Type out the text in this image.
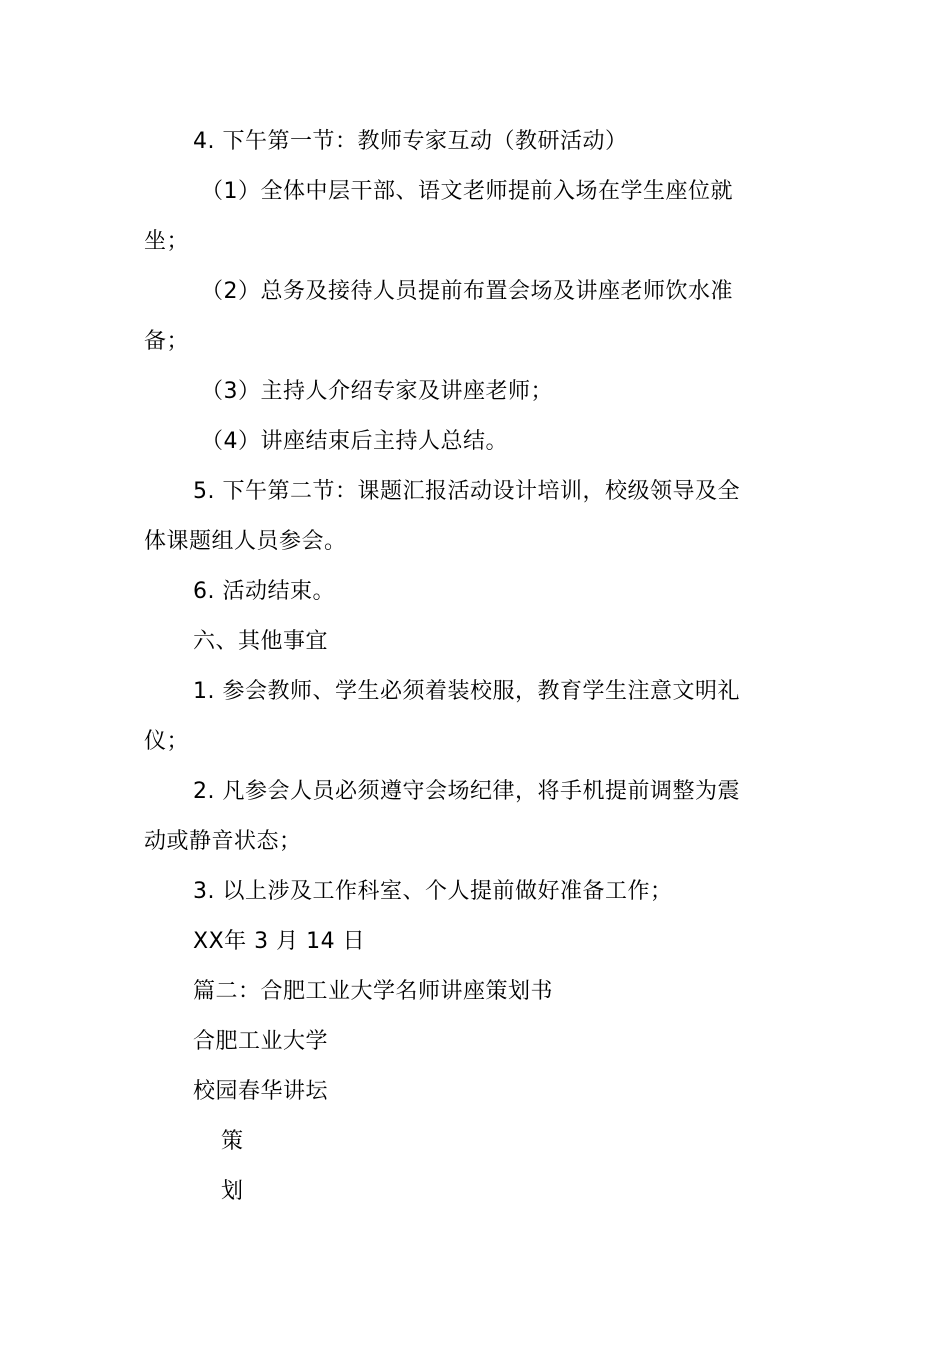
4. 下午第一节：教师专家互动（教研活动）
（1）全体中层干部、语文老师提前入场在学生座位就
坐；
（2）总务及接待人员提前布置会场及讲座老师饮水准
备；
（3）主持人介绍专家及讲座老师；
（4）讲座结束后主持人总结。
5. 下午第二节：课题汇报活动设计培训，校级领导及全
体课题组人员参会。
6. 活动结束。
六、其他事宜
1. 参会教师、学生必须着装校服，教育学生注意文明礼
仪；
2. 凡参会人员必须遵守会场纪律，将手机提前调整为震
动或静音状态；
3. 以上涉及工作科室、个人提前做好准备工作；
XX年 3 月 14 日
篇二：合肥工业大学名师讲座策划书
合肥工业大学
校园春华讲坛
策
划
